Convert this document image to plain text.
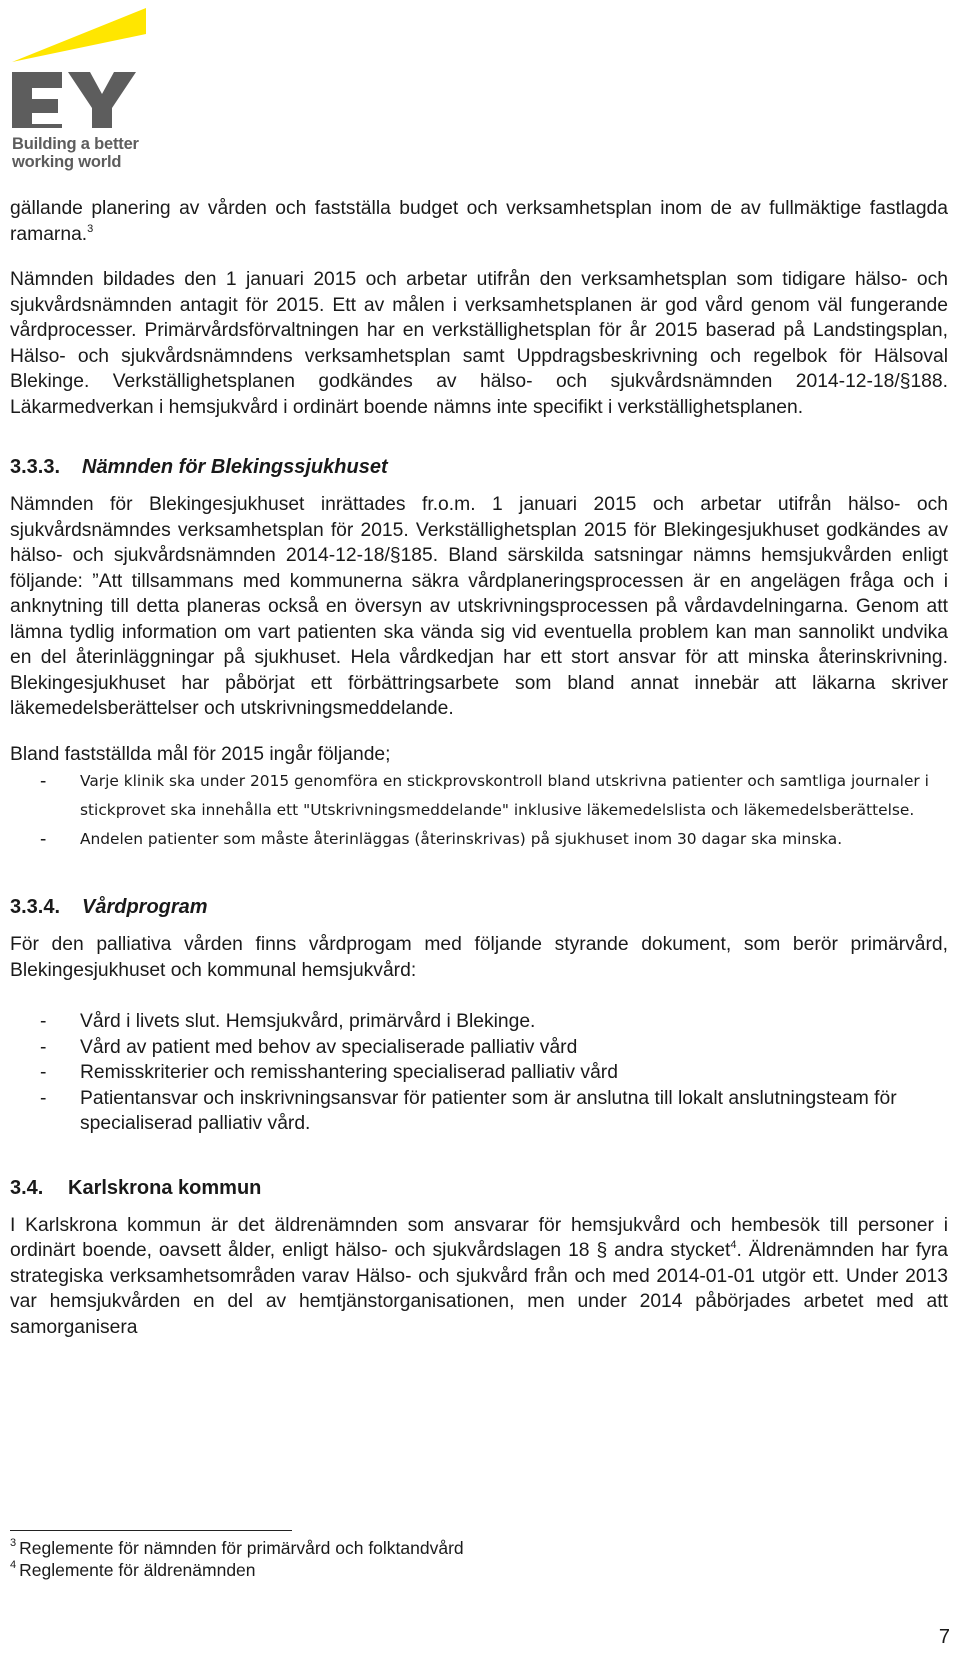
Building a better
working world

gällande planering av vården och fastställa budget och verksamhetsplan inom de av fullmäktige fastlagda ramarna.$^3$

Nämnden bildades den 1 januari 2015 och arbetar utifrån den verksamhetsplan som tidigare hälso- och sjukvårdsnämnden antagit för 2015. Ett av målen i verksamhetsplanen är god vård genom väl fungerande vårdprocesser. Primärvårdsförvaltningen har en verkställighetsplan för år 2015 baserad på Landstingsplan, Hälso- och sjukvårdsnämndens verksamhetsplan samt Uppdragsbeskrivning och regelbok för Hälsoval Blekinge. Verkställighetsplanen godkändes av hälso- och sjukvårdsnämnden 2014-12-18/§188. Läkarmedverkan i hemsjukvård i ordinärt boende nämns inte specifikt i verkställighetsplanen.

3.3.3.	Nämnden för Blekingssjukhuset

Nämnden för Blekingesjukhuset inrättades fr.o.m. 1 januari 2015 och arbetar utifrån hälso- och sjukvårdsnämndes verksamhetsplan för 2015. Verkställighetsplan 2015 för Blekingesjukhuset godkändes av hälso- och sjukvårdsnämnden 2014-12-18/§185. Bland särskilda satsningar nämns hemsjukvården enligt följande: ”Att tillsammans med kommunerna säkra vårdplaneringsprocessen är en angelägen fråga och i anknytning till detta planeras också en översyn av utskrivningsprocessen på vårdavdelningarna. Genom att lämna tydlig information om vart patienten ska vända sig vid eventuella problem kan man sannolikt undvika en del återinläggningar på sjukhuset. Hela vårdkedjan har ett stort ansvar för att minska återinskrivning. Blekingesjukhuset har påbörjat ett förbättringsarbete som bland annat innebär att läkarna skriver läkemedelsberättelser och utskrivningsmeddelande.

Bland fastställda mål för 2015 ingår följande;

-	Varje klinik ska under 2015 genomföra en stickprovskontroll bland utskrivna patienter och samtliga journaler i stickprovet ska innehålla ett "Utskrivningsmeddelande" inklusive läkemedelslista och läkemedelsberättelse.
-	Andelen patienter som måste återinläggas (återinskrivas) på sjukhuset inom 30 dagar ska minska.
3.3.4.	Vårdprogram

För den palliativa vården finns vårdprogam med följande styrande dokument, som berör primärvård, Blekingesjukhuset och kommunal hemsjukvård:

-	Vård i livets slut. Hemsjukvård, primärvård i Blekinge.
-	Vård av patient med behov av specialiserade palliativ vård
-	Remisskriterier och remisshantering specialiserad palliativ vård
-	Patientansvar och inskrivningsansvar för patienter som är anslutna till lokalt anslutningsteam för specialiserad palliativ vård.
3.4.	Karlskrona kommun

I Karlskrona kommun är det äldrenämnden som ansvarar för hemsjukvård och hembesök till personer i ordinärt boende, oavsett ålder, enligt hälso- och sjukvårdslagen 18 § andra stycket$^4$. Äldrenämnden har fyra strategiska verksamhetsområden varav Hälso- och sjukvård från och med 2014-01-01 utgör ett. Under 2013 var hemsjukvården en del av hemtjänstorganisationen, men under 2014 påbörjades arbetet med att samorganisera

$^3$ Reglemente för nämnden för primärvård och folktandvård
$^4$ Reglemente för äldrenämnden
7
